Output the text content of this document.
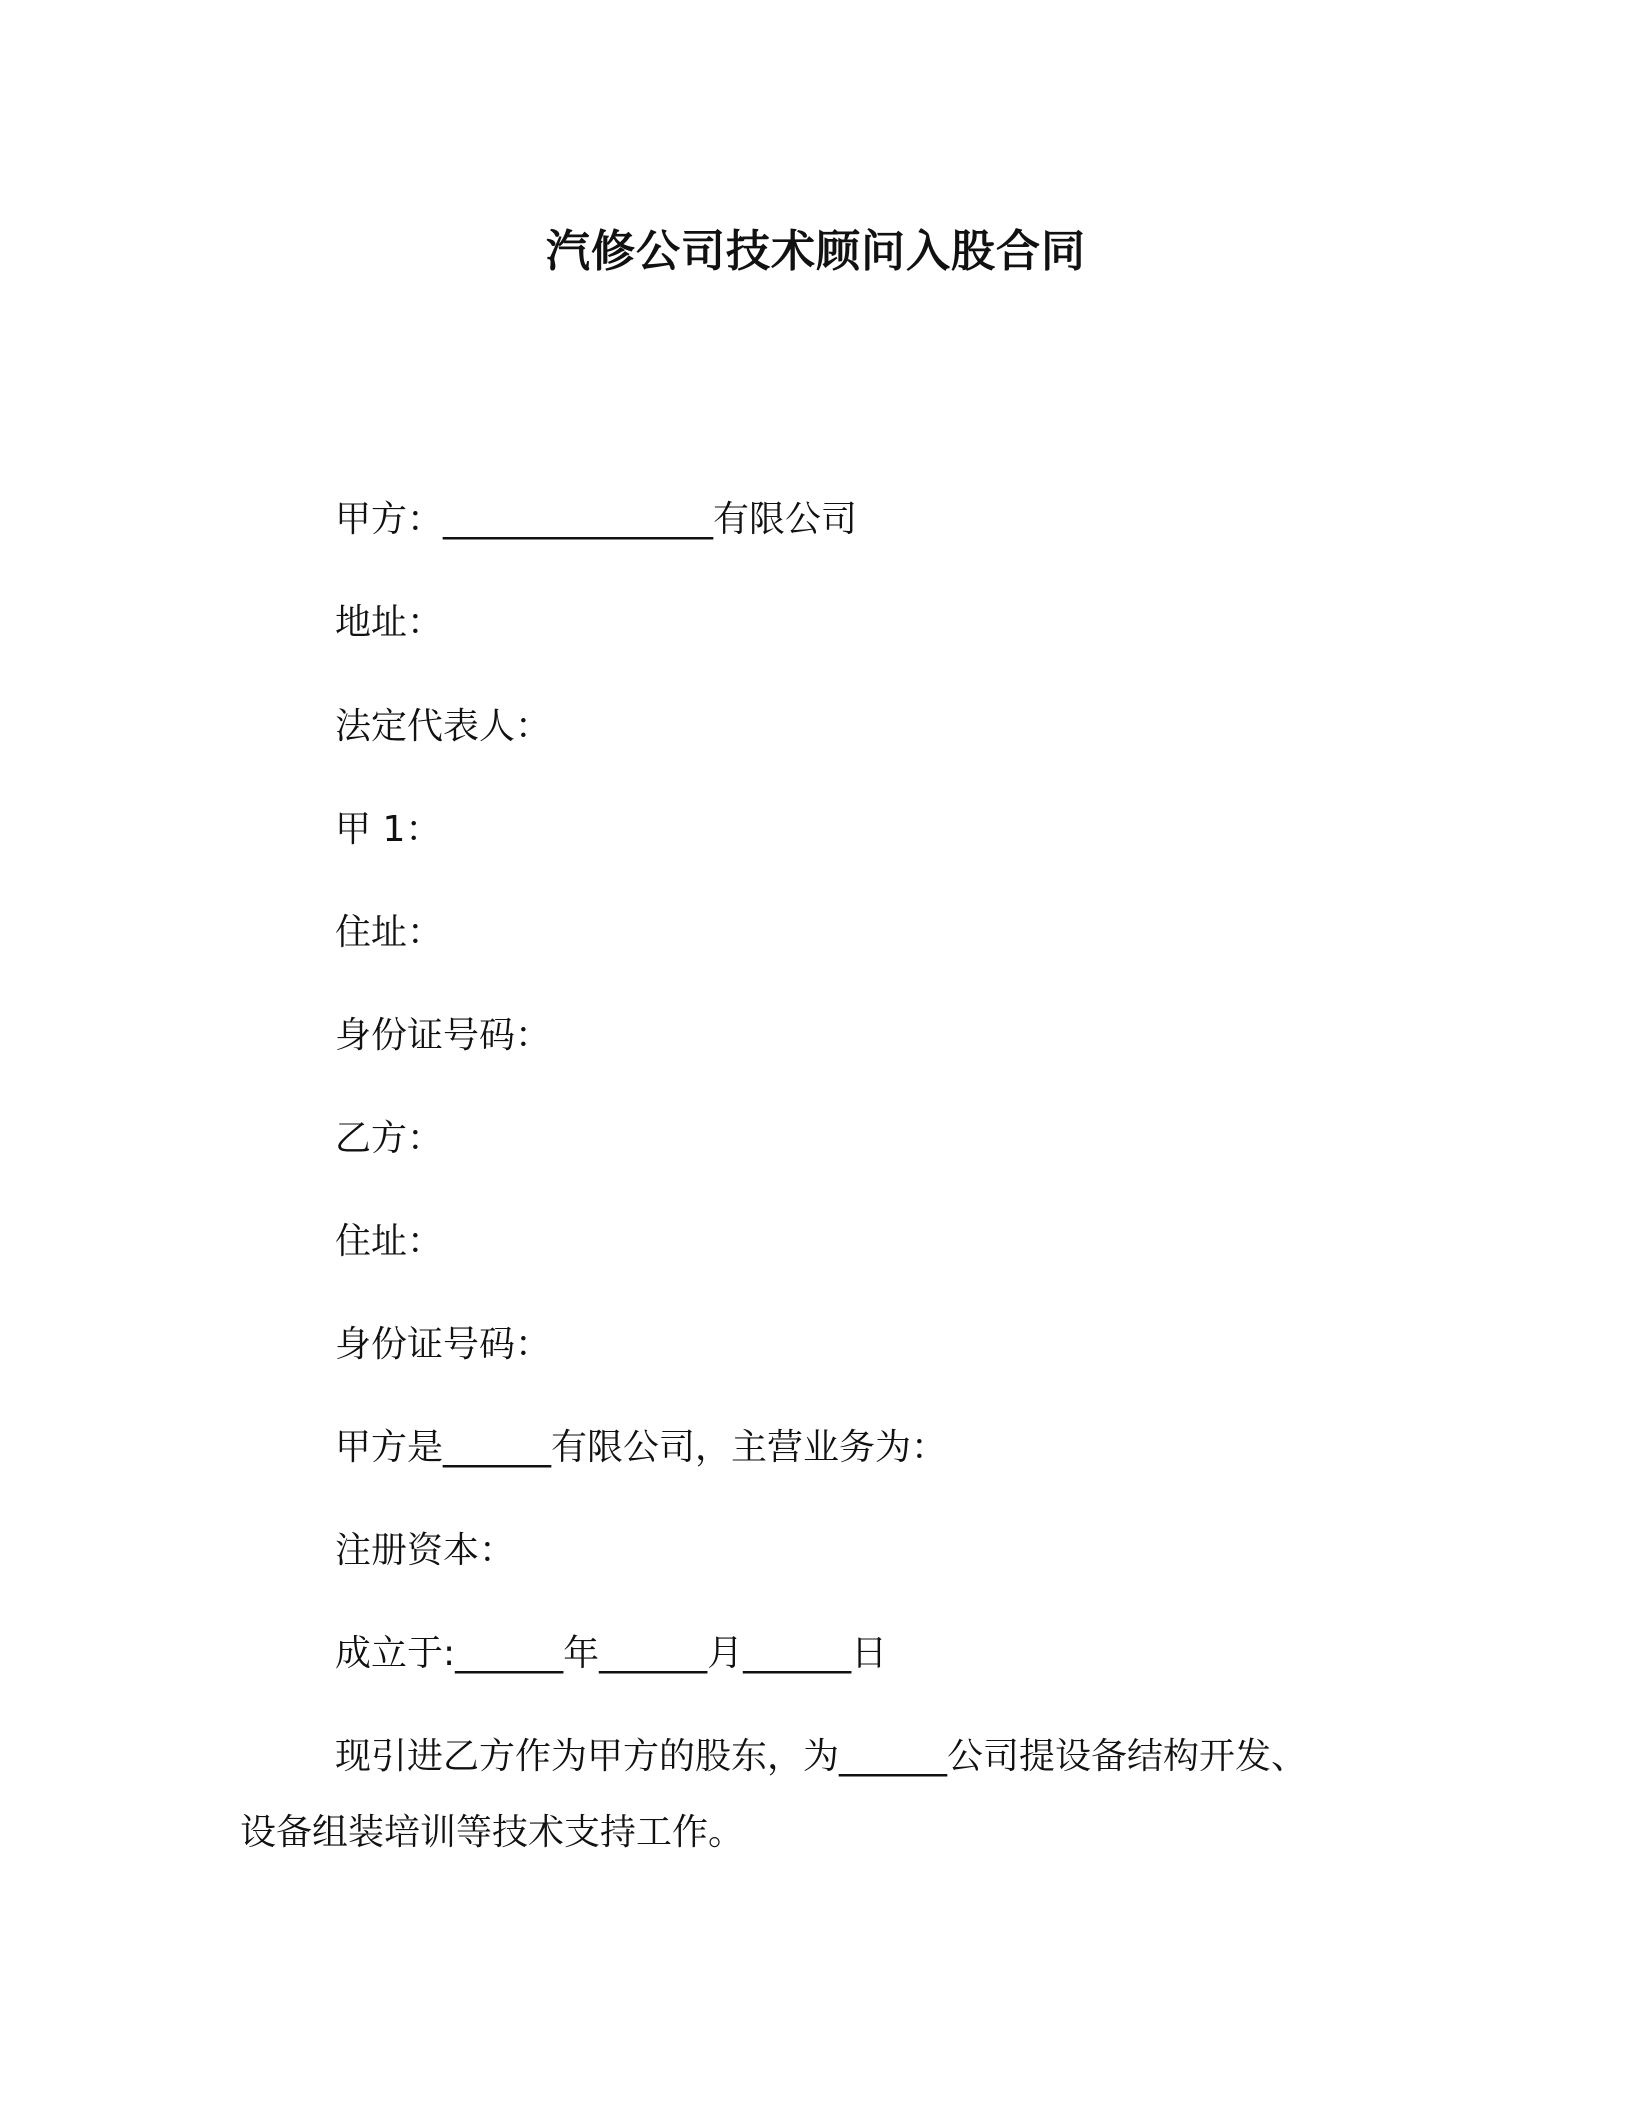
汽修公司技术顾问入股合同
甲方：_______________有限公司
地址：
法定代表人：
甲 1：
住址：
身份证号码：
乙方：
住址：
身份证号码：
甲方是______有限公司，主营业务为：
注册资本：
成立于:______年______月______日
现引进乙方作为甲方的股东，为______公司提设备结构开发、
设备组装培训等技术支持工作。
